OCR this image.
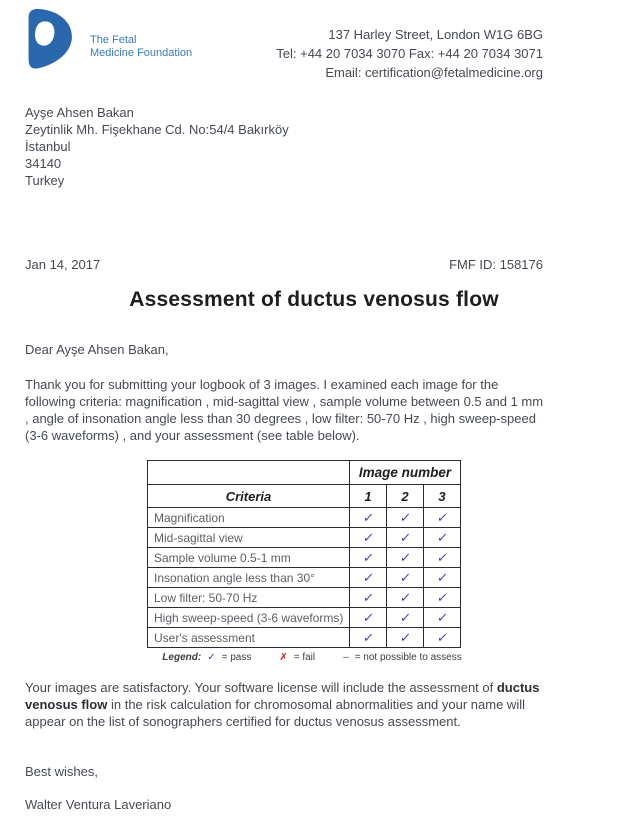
The Fetal
Medicine Foundation
137 Harley Street, London W1G 6BG
Tel: +44 20 7034 3070 Fax: +44 20 7034 3071
Email: certification@fetalmedicine.org
Ayşe Ahsen Bakan
Zeytinlik Mh. Fişekhane Cd. No:54/4 Bakırköy
İstanbul
34140
Turkey
Jan 14, 2017	FMF ID: 158176
Assessment of ductus venosus flow
Dear Ayşe Ahsen Bakan,
Thank you for submitting your logbook of 3 images. I examined each image for the following criteria: magnification , mid-sagittal view , sample volume between 0.5 and 1 mm , angle of insonation angle less than 30 degrees , low filter: 50-70 Hz , high sweep-speed (3-6 waveforms) , and your assessment (see table below).
	Image number		
Criteria	1	2	3
Magnification	✓	✓	✓
Mid-sagittal view	✓	✓	✓
Sample volume 0.5-1 mm	✓	✓	✓
Insonation angle less than 30°	✓	✓	✓
Low filter: 50-70 Hz	✓	✓	✓
High sweep-speed (3-6 waveforms)	✓	✓	✓
User's assessment	✓	✓	✓
Legend: ✓ = pass	✗ = fail	– = not possible to assess
Your images are satisfactory. Your software license will include the assessment of ductus venosus flow in the risk calculation for chromosomal abnormalities and your name will appear on the list of sonographers certified for ductus venosus assessment.
Best wishes,
Walter Ventura Laveriano
